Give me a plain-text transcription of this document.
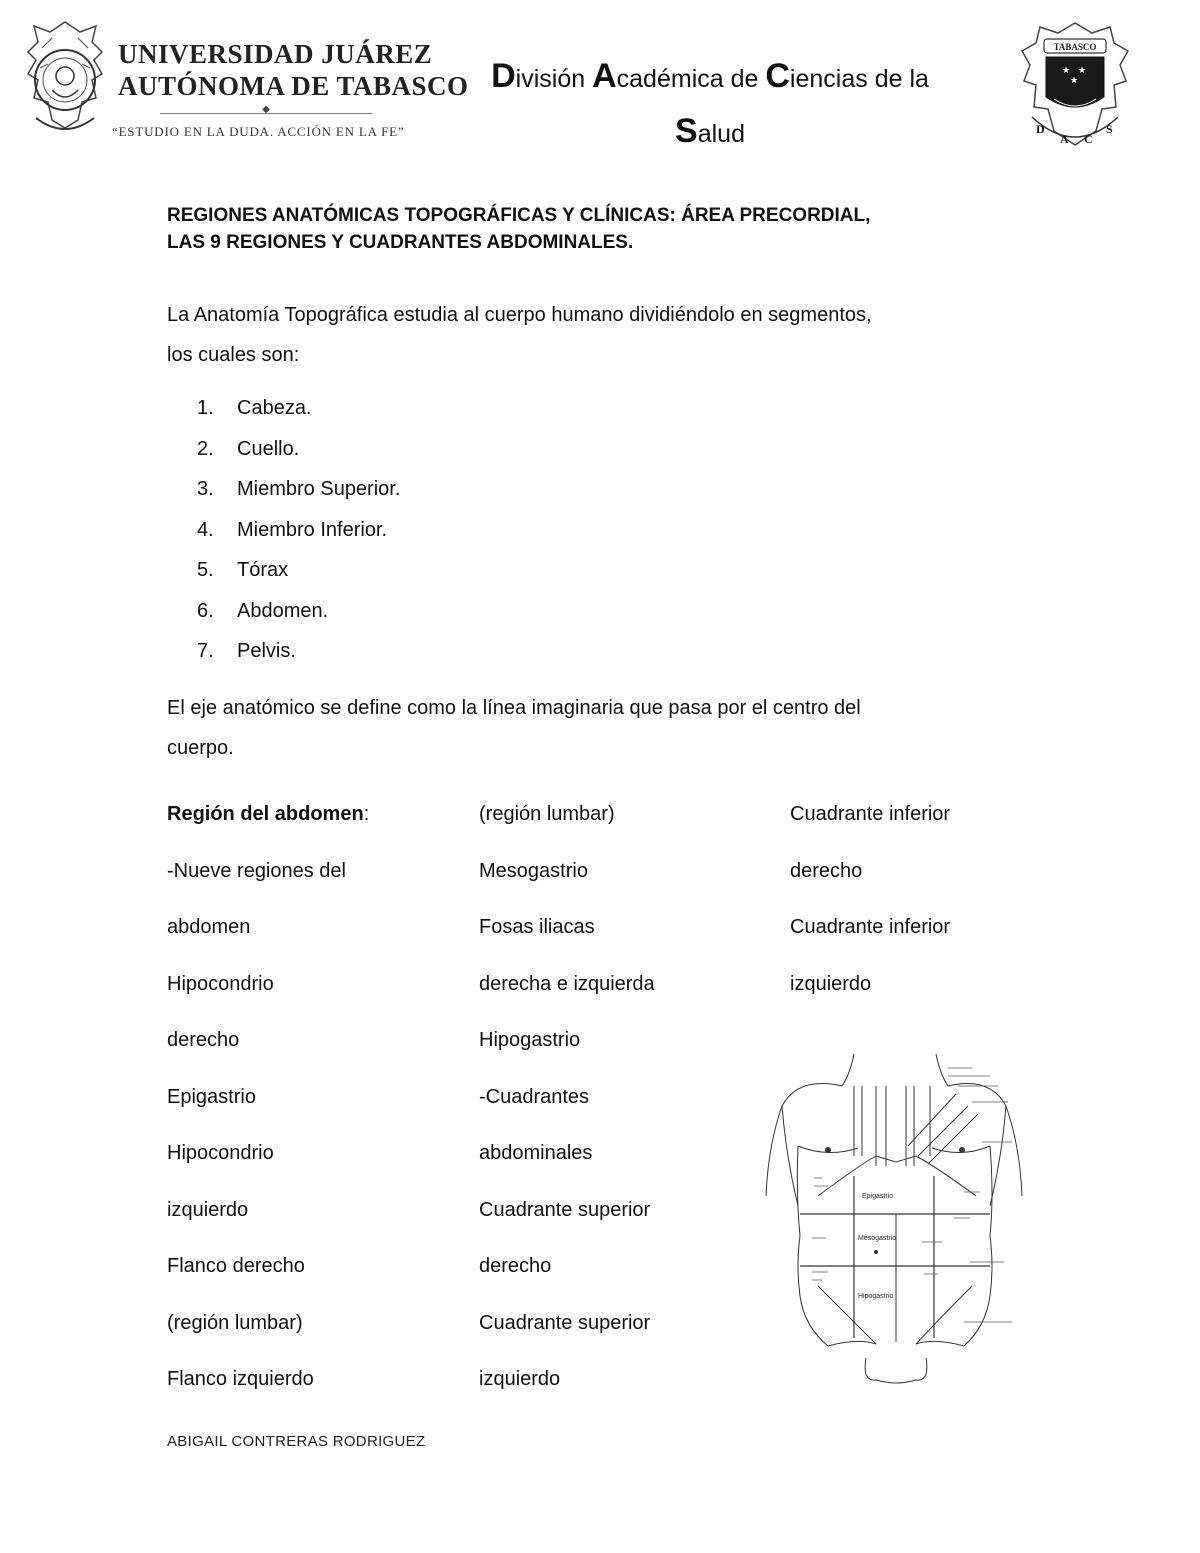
UNIVERSIDAD JUÁREZ
AUTÓNOMA DE TABASCO
◆
“ESTUDIO EN LA DUDA. ACCIÓN EN LA FE”
División Académica de Ciencias de la
Salud
TABASCO
★ ★
★
D
A C
S
REGIONES ANATÓMICAS TOPOGRÁFICAS Y CLÍNICAS: ÁREA PRECORDIAL,
LAS 9 REGIONES Y CUADRANTES ABDOMINALES.
La Anatomía Topográfica estudia al cuerpo humano dividiéndolo en segmentos,
los cuales son:
1. Cabeza.
2. Cuello.
3. Miembro Superior.
4. Miembro Inferior.
5. Tórax
6. Abdomen.
7. Pelvis.
El eje anatómico se define como la línea imaginaria que pasa por el centro del
cuerpo.
Región del abdomen:
-Nueve regiones del
abdomen
Hipocondrio
derecho
Epigastrio
Hipocondrio
izquierdo
Flanco derecho
(región lumbar)
Flanco izquierdo
(región lumbar)
Mesogastrio
Fosas iliacas
derecha e izquierda
Hipogastrio
-Cuadrantes
abdominales
Cuadrante superior
derecho
Cuadrante superior
izquierdo
Cuadrante inferior
derecho
Cuadrante inferior
izquierdo
Epigastrio
Mesogastrio
Hipogastrio
ABIGAIL CONTRERAS RODRIGUEZ
